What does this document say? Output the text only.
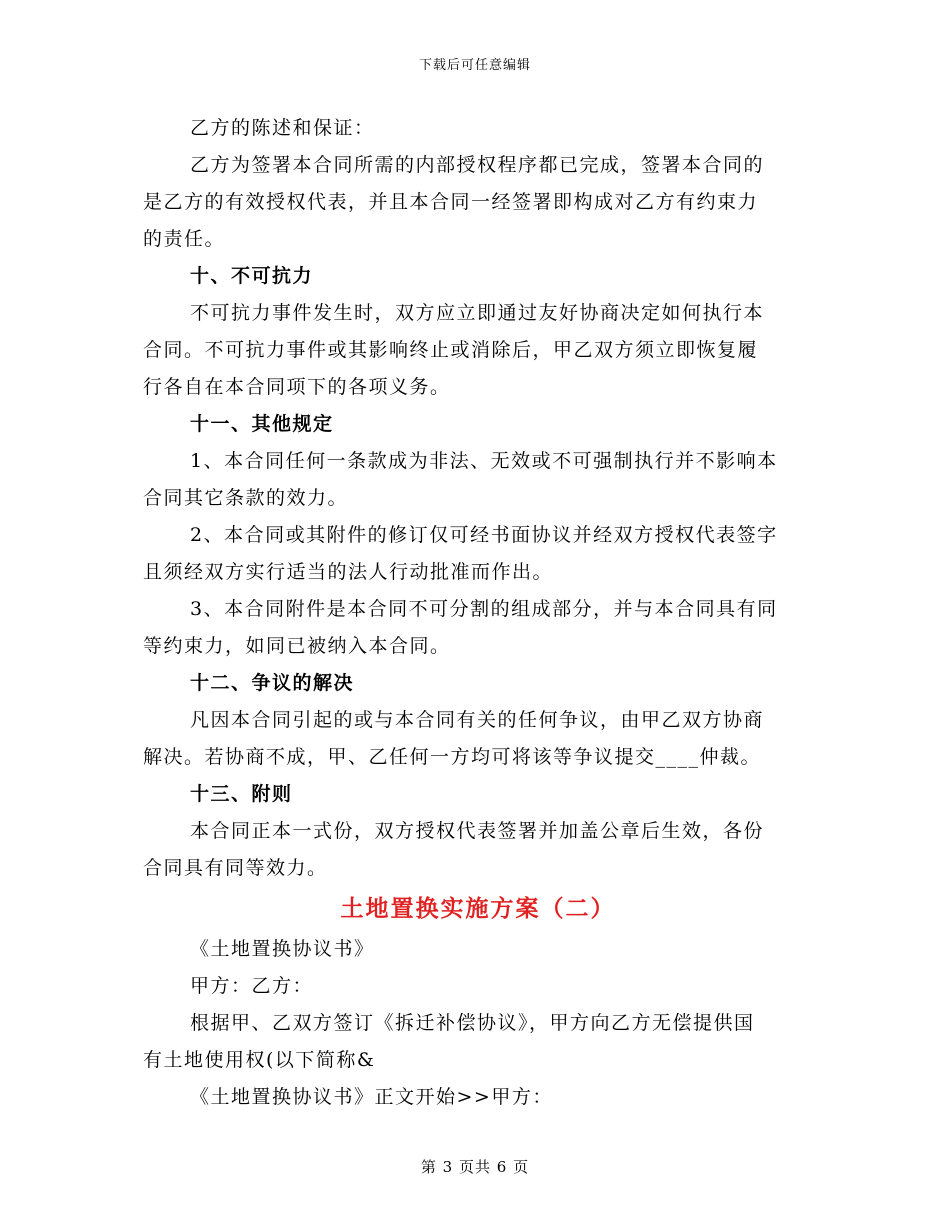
下载后可任意编辑
乙方的陈述和保证：
乙方为签署本合同所需的内部授权程序都已完成，签署本合同的
是乙方的有效授权代表，并且本合同一经签署即构成对乙方有约束力
的责任。
十、不可抗力
不可抗力事件发生时，双方应立即通过友好协商决定如何执行本
合同。不可抗力事件或其影响终止或消除后，甲乙双方须立即恢复履
行各自在本合同项下的各项义务。
十一、其他规定
1、本合同任何一条款成为非法、无效或不可强制执行并不影响本
合同其它条款的效力。
2、本合同或其附件的修订仅可经书面协议并经双方授权代表签字
且须经双方实行适当的法人行动批准而作出。
3、本合同附件是本合同不可分割的组成部分，并与本合同具有同
等约束力，如同已被纳入本合同。
十二、争议的解决
凡因本合同引起的或与本合同有关的任何争议，由甲乙双方协商
解决。若协商不成，甲、乙任何一方均可将该等争议提交____仲裁。
十三、附则
本合同正本一式份，双方授权代表签署并加盖公章后生效，各份
合同具有同等效力。
土地置换实施方案（二）
《土地置换协议书》
甲方：乙方：
根据甲、乙双方签订《拆迁补偿协议》，甲方向乙方无偿提供国
有土地使用权(以下简称&
《土地置换协议书》正文开始>>甲方：
第 3 页共 6 页
